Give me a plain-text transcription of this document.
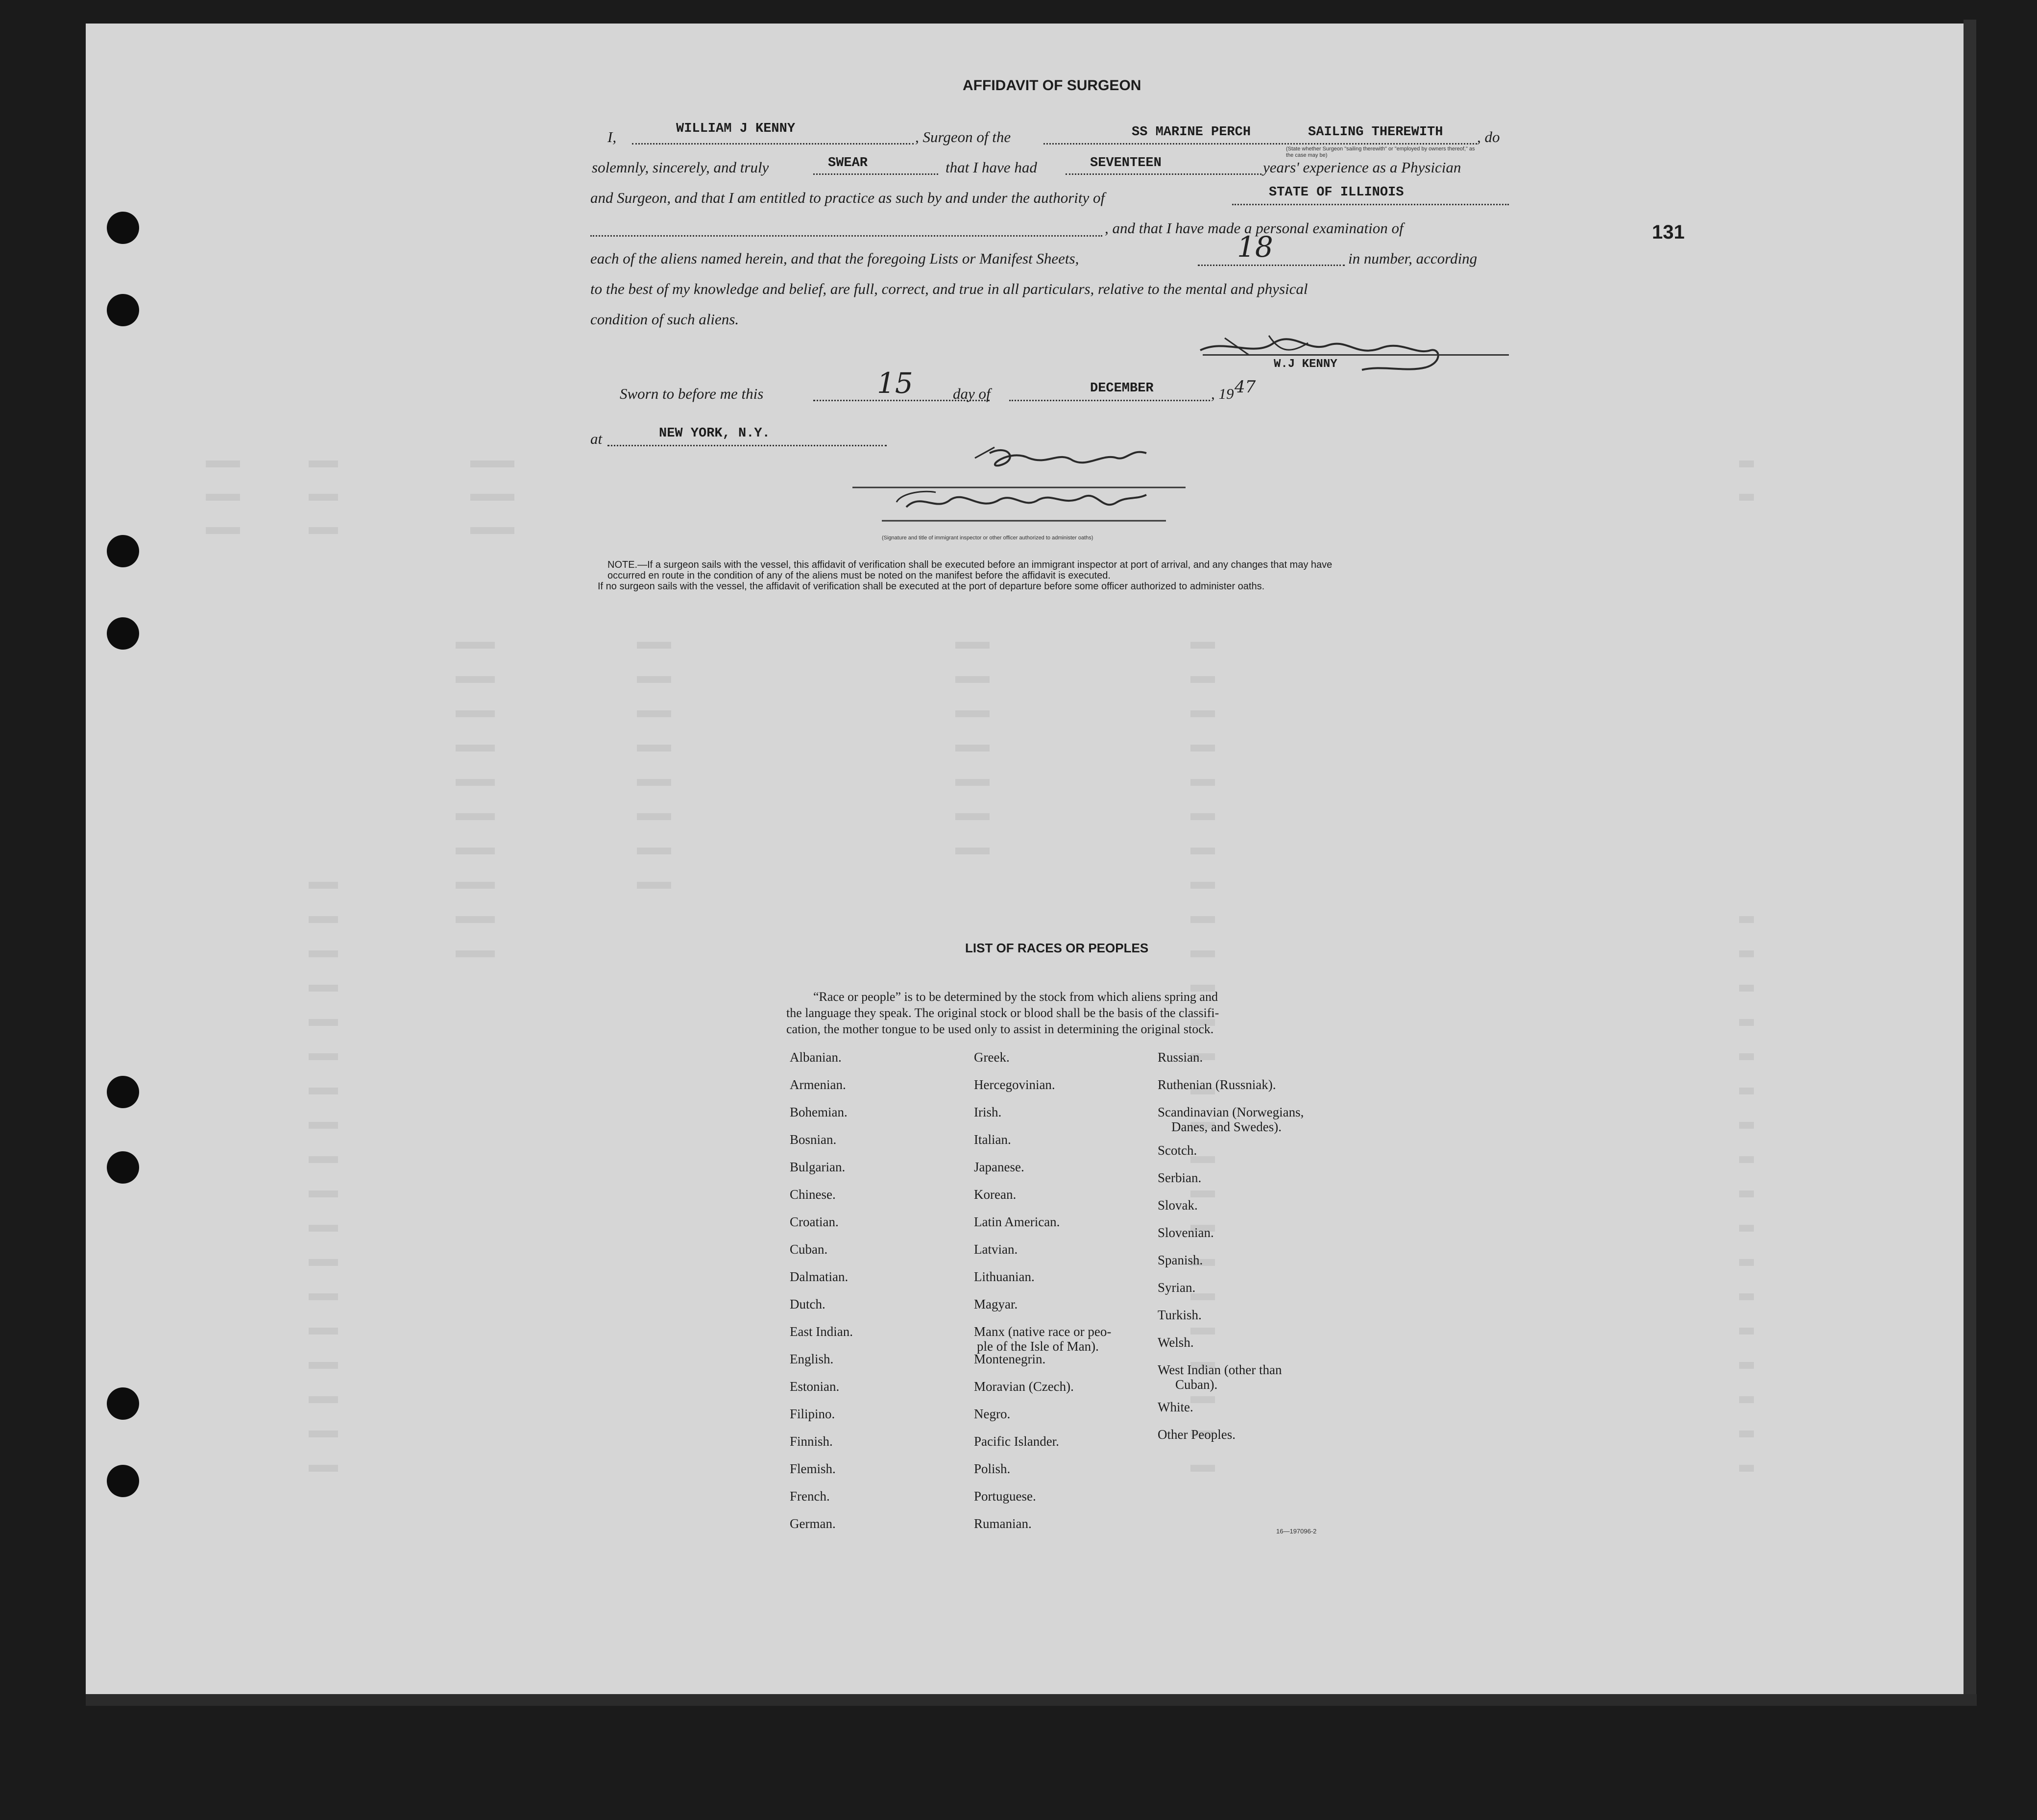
131
AFFIDAVIT OF SURGEON
I,	WILLIAM J KENNY	, Surgeon of the	SS MARINE PERCH	SAILING THEREWITH , do
(State whether Surgeon "sailing therewith" or "employed by owners thereof," as the case may be)
solemnly, sincerely, and truly	SWEAR	that I have had	SEVENTEEN	years' experience as a Physician
and Surgeon, and that I am entitled to practice as such by and under the authority of	STATE OF ILLINOIS
, and that I have made a personal examination of
each of the aliens named herein, and that the foregoing Lists or Manifest Sheets,	18	in number, according
to the best of my knowledge and belief, are full, correct, and true in all particulars, relative to the mental and physical
condition of such aliens.
W.J KENNY
Sworn to before me this	15	day of	DECEMBER	, 19 47
at	NEW YORK, N.Y.
(Signature and title of immigrant inspector or other officer authorized to administer oaths)
NOTE.—If a surgeon sails with the vessel, this affidavit of verification shall be executed before an immigrant inspector at port of arrival, and any changes that may have
occurred en route in the condition of any of the aliens must be noted on the manifest before the affidavit is executed.
If no surgeon sails with the vessel, the affidavit of verification shall be executed at the port of departure before some officer authorized to administer oaths.
LIST OF RACES OR PEOPLES
“Race or people” is to be determined by the stock from which aliens spring and
the language they speak. The original stock or blood shall be the basis of the classifi-
cation, the mother tongue to be used only to assist in determining the original stock.
Albanian.
Armenian.
Bohemian.
Bosnian.
Bulgarian.
Chinese.
Croatian.
Cuban.
Dalmatian.
Dutch.
East Indian.
English.
Estonian.
Filipino.
Finnish.
Flemish.
French.
German.
Greek.
Hercegovinian.
Irish.
Italian.
Japanese.
Korean.
Latin American.
Latvian.
Lithuanian.
Magyar.
Manx (native race or peo-
ple of the Isle of Man).
Montenegrin.
Moravian (Czech).
Negro.
Pacific Islander.
Polish.
Portuguese.
Rumanian.
Russian.
Ruthenian (Russniak).
Scandinavian (Norwegians,
Danes, and Swedes).
Scotch.
Serbian.
Slovak.
Slovenian.
Spanish.
Syrian.
Turkish.
Welsh.
West Indian (other than
Cuban).
White.
Other Peoples.
16—197096-2
